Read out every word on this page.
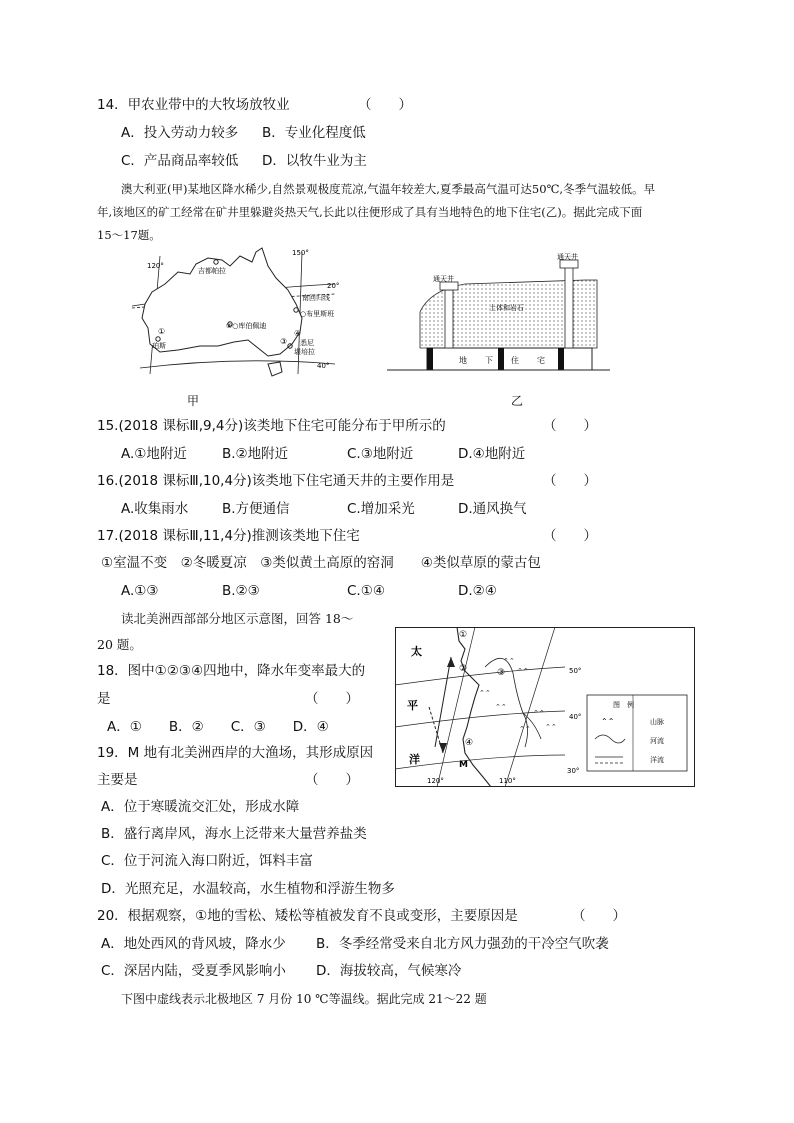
14．甲农业带中的大牧场放牧业	（　　）
A．投入劳动力较多 B．专业化程度低
C．产品商品率较低 D．以牧牛业为主
澳大利亚(甲)某地区降水稀少,自然景观极度荒凉,气温年较差大,夏季最高气温可达50℃,冬季气温较低。早
年,该地区的矿工经常在矿井里躲避炎热天气,长此以往便形成了具有当地特色的地下住宅(乙)。据此完成下面
15～17题。
120°
150°
20°
40°
吉都帕拉
南回归线
○布里斯班
②○库伯佩迪
①
珀斯
④
悉尼
堪培拉
③
甲
通天井
通天井
土体和岩石
地 下 住 宅
乙
15.(2018 课标Ⅲ,9,4分)该类地下住宅可能分布于甲所示的	（　　）
A.①地附近	B.②地附近	C.③地附近	D.④地附近
16.(2018 课标Ⅲ,10,4分)该类地下住宅通天井的主要作用是	（　　）
A.收集雨水 B.方便通信	C.增加采光	D.通风换气
17.(2018 课标Ⅲ,11,4分)推测该类地下住宅	（　　）
①室温不变　②冬暖夏凉　③类似黄土高原的窑洞　　④类似草原的蒙古包
A.①③	B.②③	C.①④	D.②④
读北美洲西部部分地区示意图，回答 18～
20 题。
18．图中①②③④四地中，降水年变率最大的
是	（　　）
A．①　　B．②　　C．③　　D．④
⌃⌃
⌃⌃
⌃⌃
⌃⌃
⌃⌃
⌃⌃ ⌃⌃
图　例
⌃⌃	山脉
河流
洋流
太
平
洋
50°
40°
30°
120°	110°
M
①
②	③
④
19．M 地有北美洲西岸的大渔场，其形成原因
主要是	（　　）
A．位于寒暖流交汇处，形成水障
B．盛行离岸风，海水上泛带来大量营养盐类
C．位于河流入海口附近，饵料丰富
D．光照充足，水温较高，水生植物和浮游生物多
20．根据观察，①地的雪松、矮松等植被发育不良或变形，主要原因是	（　　）
A．地处西风的背风坡，降水少 B．冬季经常受来自北方风力强劲的干冷空气吹袭
C．深居内陆，受夏季风影响小 D．海拔较高，气候寒冷
下图中虚线表示北极地区 7 月份 10 ℃等温线。据此完成 21～22 题
